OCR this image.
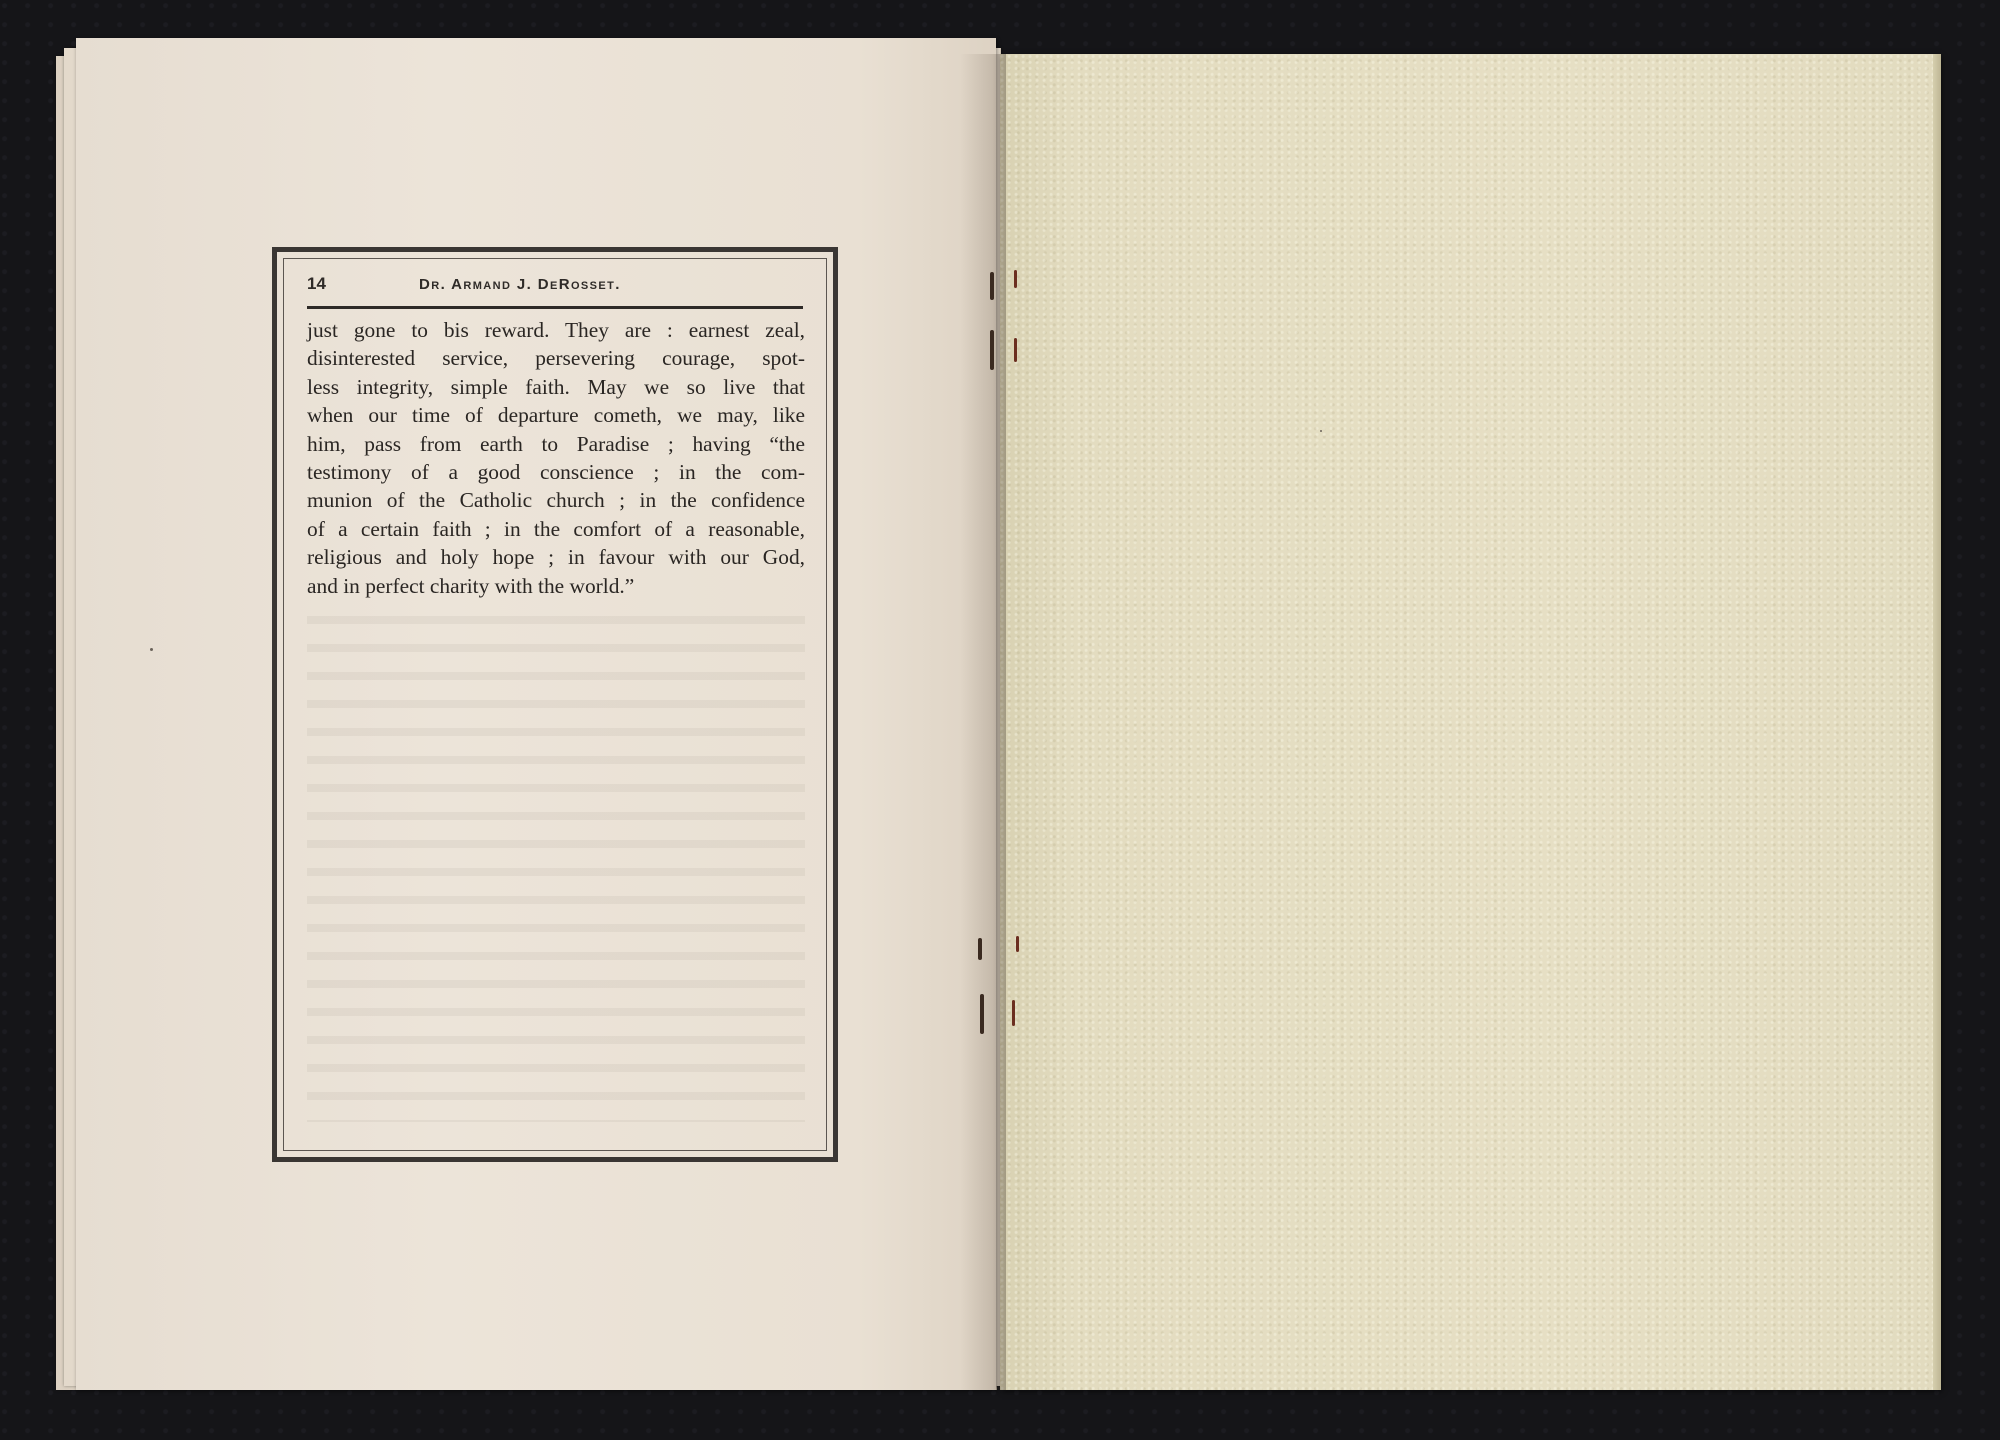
14	Dr. Armand J. DeRosset.
just gone to bis reward. They are : earnest zeal,
disinterested service, persevering courage, spot-
less integrity, simple faith. May we so live that
when our time of departure cometh, we may, like
him, pass from earth to Paradise ; having “the
testimony of a good conscience ; in the com-
munion of the Catholic church ; in the confidence
of a certain faith ; in the comfort of a reasonable,
religious and holy hope ; in favour with our God,
and in perfect charity with the world.”
